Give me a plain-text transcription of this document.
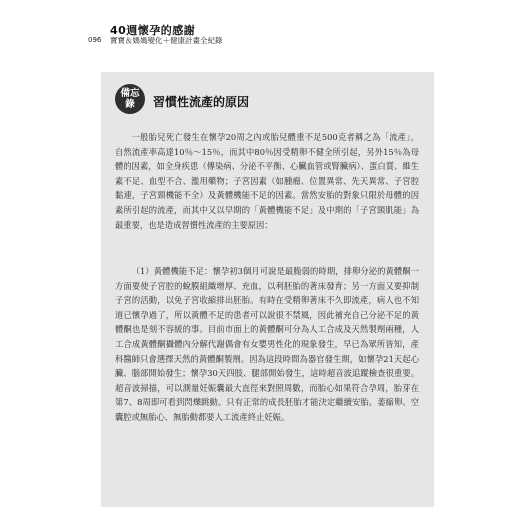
40週懷孕的感謝
096 寶寶＆媽媽變化＋健康計畫全紀錄
備忘錄	習慣性流產的原因

一般胎兒死亡發生在懷孕20周之內或胎兒體重不足500克者稱之為「流產」，自然流產率高達10％～15％，而其中80％因受精卵不健全所引起，另外15％為母體的因素，如全身疾患（傳染病、分泌不平衡、心臟血管或腎臟病）、蛋白質、維生素不足、血型不合、濫用藥物；子宮因素（如腫瘤、位置異常、先天異常、子宮腔黏連，子宮頸機能不全）及黃體機能不足的因素。當然安胎的對象只限於母體的因素所引起的流產，而其中又以早期的「黃體機能不足」及中期的「子宮頸肌能」為最重要，也是造成習慣性流產的主要原因：

（1）黃體機能不足：懷孕初3個月可說是最脆弱的時期，排卵分泌的黃體酮一方面要使子宮腔的蛻膜組織增厚、充血，以利胚胎的著床發育；另一方面又要抑制子宮的活動，以免子宮收縮排出胚胎。有時在受精卵著床不久即流產，病人也不知道已懷孕過了，所以黃體不足的患者可以說很不禁風，因此補充自己分泌不足的黃體酮也是刻不容緩的事。目前市面上的黃體酮可分為人工合成及天然製劑兩種，人工合成黃體酮攝體內分解代謝偶會有女嬰男性化的現象發生，早已為眾所皆知，產科醫師只會選擇天然的黃體酮製劑。因為這段時間為器官發生期，如懷孕21天起心臟、腦部開始發生；懷孕30天四肢、腿部開始發生，這時超音波追蹤檢查很重要。超音波掃描，可以測量妊娠囊最大直徑來對照周數，而胎心如果符合孕周，胎芽在第7、8周即可看到閃爍跳動。只有正常的成長胚胎才能決定繼續安胎。萎縮卵、空囊腔或無胎心、無胎動都要人工流產終止妊娠。
